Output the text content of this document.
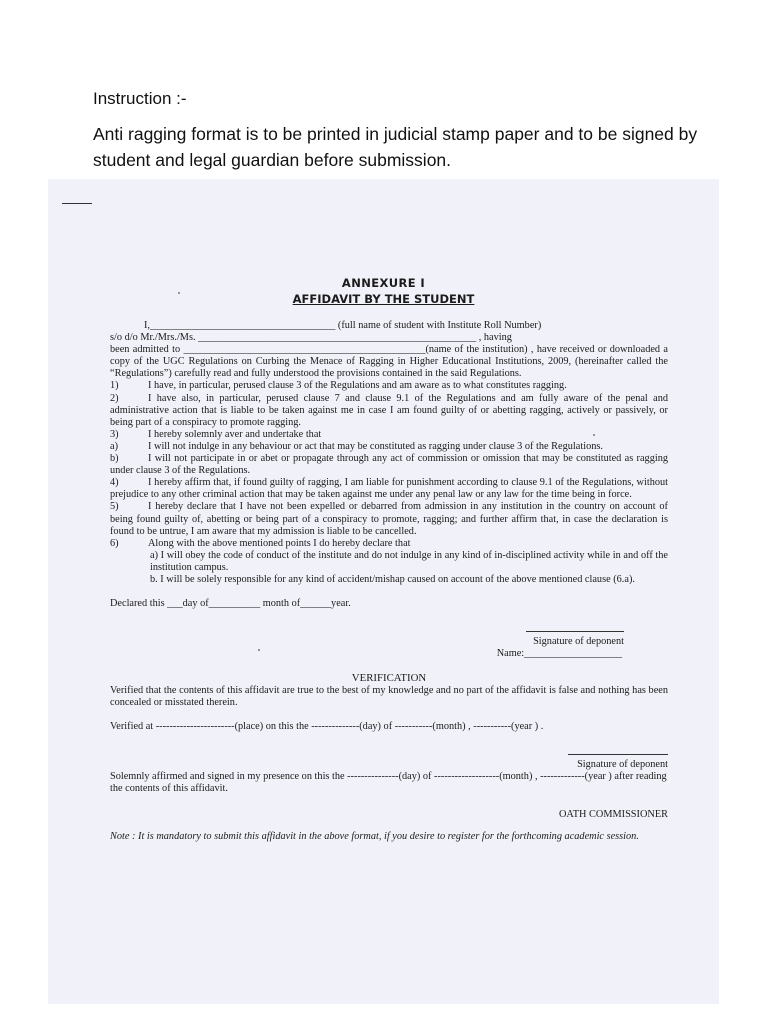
Instruction :-
Anti ragging format is to be printed in judicial stamp paper and to be signed by student and legal guardian before submission.
ANNEXURE I
AFFIDAVIT BY THE STUDENT

I,____________________________________ (full name of student with Institute Roll Number)

s/o d/o Mr./Mrs./Ms. ______________________________________________________ , having

been admitted to _______________________________________________(name of the institution) , have received or downloaded a copy of the UGC Regulations on Curbing the Menace of Ragging in Higher Educational Institutions, 2009, (hereinafter called the “Regulations”) carefully read and fully understood the provisions contained in the said Regulations.

1)	I have, in particular, perused clause 3 of the Regulations and am aware as to what constitutes ragging.

2)	I have also, in particular, perused clause 7 and clause 9.1 of the Regulations and am fully aware of the penal and administrative action that is liable to be taken against me in case I am found guilty of or abetting ragging, actively or passively, or being part of a conspiracy to promote ragging.

3)	I hereby solemnly aver and undertake that

a)	I will not indulge in any behaviour or act that may be constituted as ragging under clause 3 of the Regulations.

b)	I will not participate in or abet or propagate through any act of commission or omission that may be constituted as ragging under clause 3 of the Regulations.

4)	I hereby affirm that, if found guilty of ragging, I am liable for punishment according to clause 9.1 of the Regulations, without prejudice to any other criminal action that may be taken against me under any penal law or any law for the time being in force.

5)	I hereby declare that I have not been expelled or debarred from admission in any institution in the country on account of being found guilty of, abetting or being part of a conspiracy to promote, ragging; and further affirm that, in case the declaration is found to be untrue, I am aware that my admission is liable to be cancelled.

6)	Along with the above mentioned points I do hereby declare that

a) I will obey the code of conduct of the institute and do not indulge in any kind of in-disciplined activity while in and off the institution campus.

b. I will be solely responsible for any kind of accident/mishap caused on account of the above mentioned clause (6.a).

Declared this ___day of__________ month of______year.

Signature of deponent

Name:___________________

VERIFICATION

Verified that the contents of this affidavit are true to the best of my knowledge and no part of the affidavit is false and nothing has been concealed or misstated therein.

Verified at -----------------------(place) on this the --------------(day) of -----------(month) , -----------(year ) .

Signature of deponent

Solemnly affirmed and signed in my presence on this the ---------------(day) of -------------------(month) , -------------(year ) after reading the contents of this affidavit.

OATH COMMISSIONER

Note : It is mandatory to submit this affidavit in the above format, if you desire to register for the forthcoming academic session.
